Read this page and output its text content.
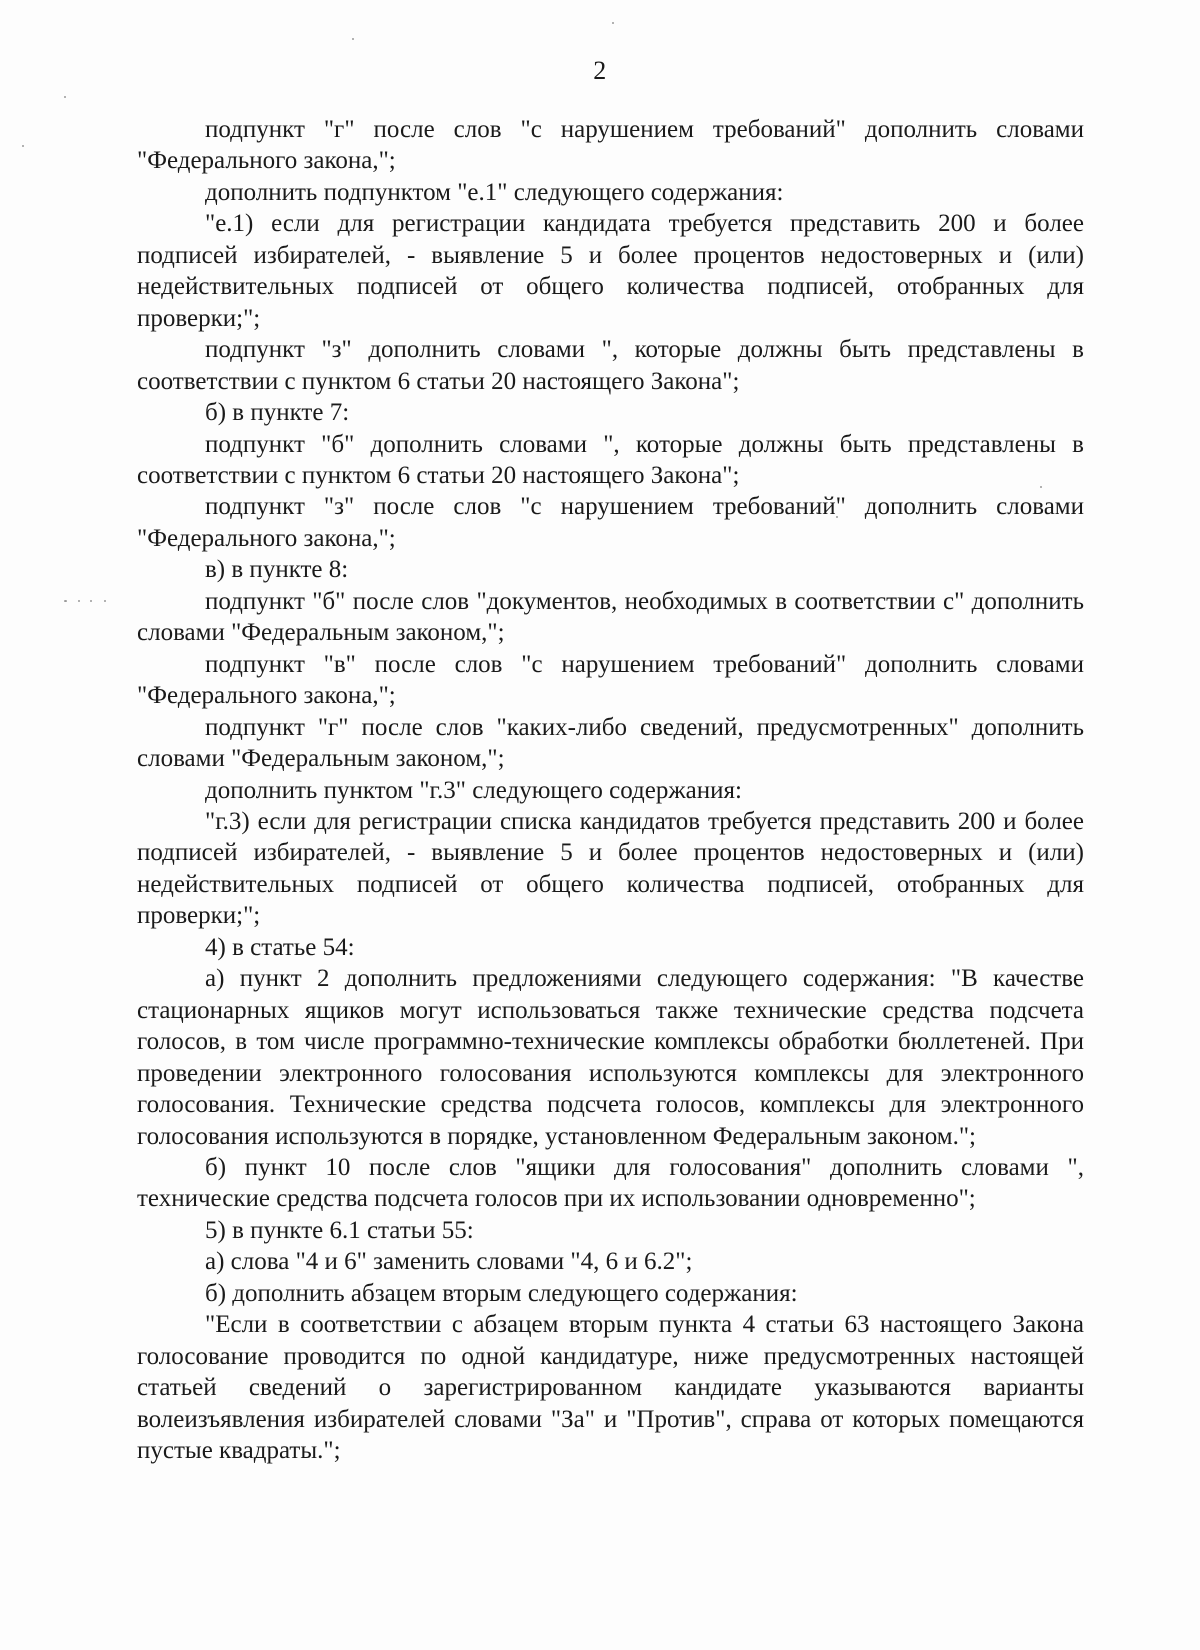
2

подпункт "г" после слов "с нарушением требований" дополнить словами "Федерального закона,";

дополнить подпунктом "е.1" следующего содержания:

"е.1) если для регистрации кандидата требуется представить 200 и более подписей избирателей, - выявление 5 и более процентов недостоверных и (или) недействительных подписей от общего количества подписей, отобранных для проверки;";

подпункт "з" дополнить словами ", которые должны быть представлены в соответствии с пунктом 6 статьи 20 настоящего Закона";

б) в пункте 7:

подпункт "б" дополнить словами ", которые должны быть представлены в соответствии с пунктом 6 статьи 20 настоящего Закона";

подпункт "з" после слов "с нарушением требований" дополнить словами "Федерального закона,";

в) в пункте 8:

подпункт "б" после слов "документов, необходимых в соответствии с" дополнить словами "Федеральным законом,";

подпункт "в" после слов "с нарушением требований" дополнить словами "Федерального закона,";

подпункт "г" после слов "каких-либо сведений, предусмотренных" дополнить словами "Федеральным законом,";

дополнить пунктом "г.3" следующего содержания:

"г.3) если для регистрации списка кандидатов требуется представить 200 и более подписей избирателей, - выявление 5 и более процентов недостоверных и (или) недействительных подписей от общего количества подписей, отобранных для проверки;";

4) в статье 54:

а) пункт 2 дополнить предложениями следующего содержания: "В качестве стационарных ящиков могут использоваться также технические средства подсчета голосов, в том числе программно-технические комплексы обработки бюллетеней. При проведении электронного голосования используются комплексы для электронного голосования. Технические средства подсчета голосов, комплексы для электронного голосования используются в порядке, установленном Федеральным законом.";

б) пункт 10 после слов "ящики для голосования" дополнить словами ", технические средства подсчета голосов при их использовании одновременно";

5) в пункте 6.1 статьи 55:

а) слова "4 и 6" заменить словами "4, 6 и 6.2";

б) дополнить абзацем вторым следующего содержания:

"Если в соответствии с абзацем вторым пункта 4 статьи 63 настоящего Закона голосование проводится по одной кандидатуре, ниже предусмотренных настоящей статьей сведений о зарегистрированном кандидате указываются варианты волеизъявления избирателей словами "За" и "Против", справа от которых помещаются пустые квадраты.";
